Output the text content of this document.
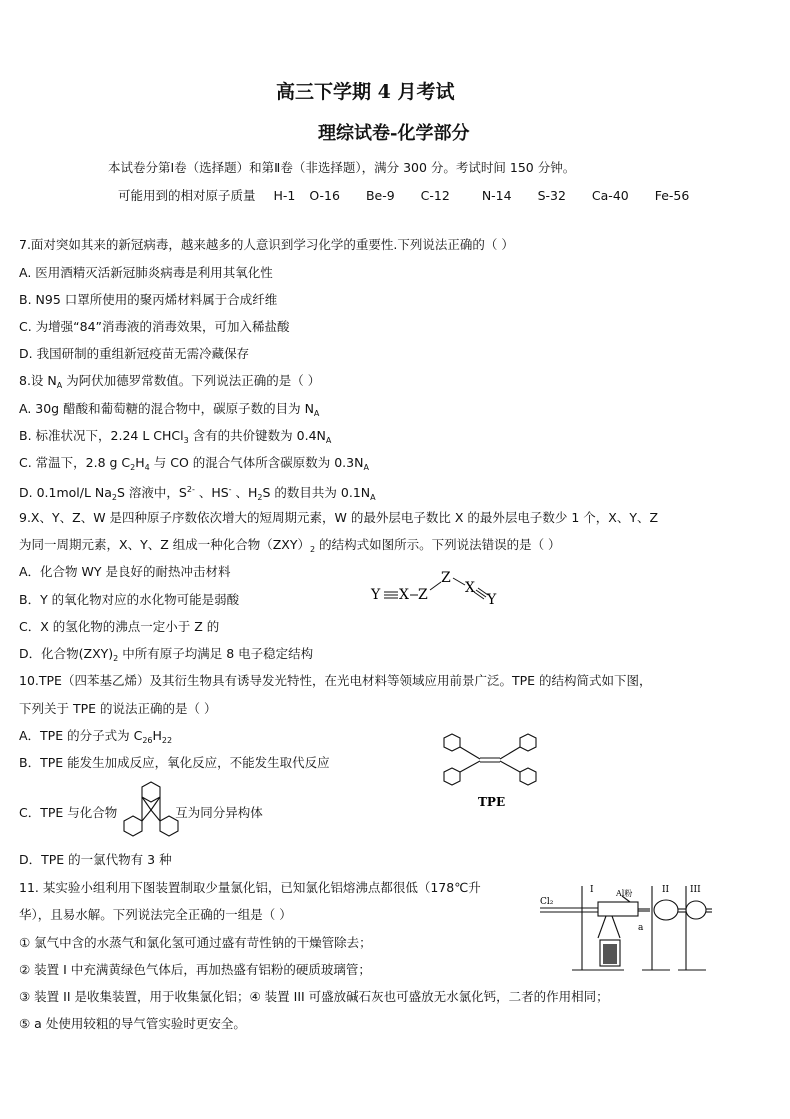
高三下学期 4 月考试
理综试卷-化学部分
本试卷分第Ⅰ卷（选择题）和第Ⅱ卷（非选择题），满分 300 分。考试时间 150 分钟。
可能用到的相对原子质量 H-1 O-16 Be-9 C-12	N-14 S-32 Ca-40 Fe-56
7.面对突如其来的新冠病毒，越来越多的人意识到学习化学的重要性.下列说法正确的（ ）
A. 医用酒精灭活新冠肺炎病毒是利用其氧化性
B. N95 口罩所使用的聚丙烯材料属于合成纤维
C. 为增强“84”消毒液的消毒效果，可加入稀盐酸
D. 我国研制的重组新冠疫苗无需冷藏保存
8.设 $N_A$ 为阿伏加德罗常数值。下列说法正确的是（ ）
A. 30g 醋酸和葡萄糖的混合物中，碳原子数的目为 $N_A$
B. 标准状况下，2.24 L CHCl$_3$ 含有的共价键数为 $0.4N_A$
C. 常温下，2.8 g $C_2H_4$ 与 CO 的混合气体所含碳原数为 $0.3N_A$
D. 0.1mol/L $Na_2S$ 溶液中，$S^{2-}$ 、HS- 、$H_2S$ 的数目共为 $0.1N_A$
9.X、Y、Z、W 是四种原子序数依次增大的短周期元素，W 的最外层电子数比 X 的最外层电子数少 1 个，X、Y、Z
为同一周期元素，X、Y、Z 组成一种化合物$(ZXY)_2$ 的结构式如图所示。下列说法错误的是（ ）
A．化合物 WY 是良好的耐热冲击材料
B．Y 的氧化物对应的水化物可能是弱酸
C．X 的氢化物的沸点一定小于 Z 的
D．化合物$(ZXY)_2$ 中所有原子均满足 8 电子稳定结构
Y X Z
Z
X
Y
10.TPE（四苯基乙烯）及其衍生物具有诱导发光特性，在光电材料等领域应用前景广泛。TPE 的结构简式如下图，
下列关于 TPE 的说法正确的是（ ）
A．TPE 的分子式为 $C_{26}H_{22}$
B．TPE 能发生加成反应，氧化反应，不能发生取代反应
C．TPE 与化合物	互为同分异构体
D．TPE 的一氯代物有 3 种
TPE
11. 某实验小组利用下图装置制取少量氯化铝，已知氯化铝熔沸点都很低（178℃升
华），且易水解。下列说法完全正确的一组是（ ）
① 氯气中含的水蒸气和氯化氢可通过盛有苛性钠的干燥管除去；
② 装置 I 中充满黄绿色气体后，再加热盛有铝粉的硬质玻璃管；
③ 装置 II 是收集装置，用于收集氯化铝；④ 装置 III 可盛放碱石灰也可盛放无水氯化钙，二者的作用相同；
⑤ a 处使用较粗的导气管实验时更安全。
Cl₂
I	Al粉	II III
a
